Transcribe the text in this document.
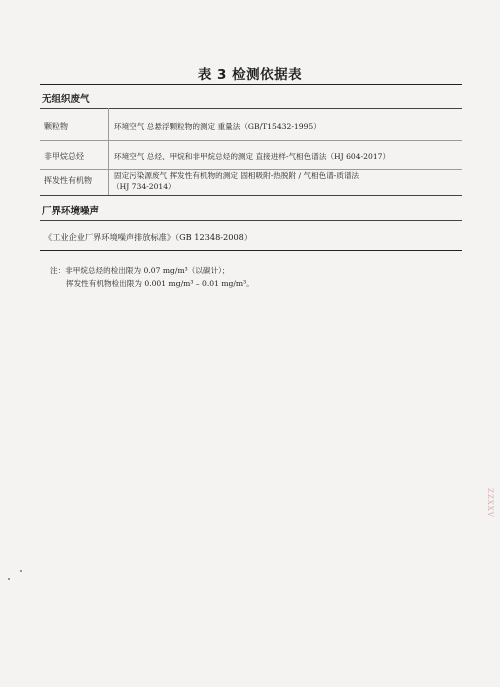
表 3 检测依据表
无组织废气
颗粒物	环境空气 总悬浮颗粒物的测定 重量法（GB/T15432-1995）
非甲烷总烃	环境空气 总烃、甲烷和非甲烷总烃的测定 直接进样-气相色谱法（HJ 604-2017）
挥发性有机物
固定污染源废气 挥发性有机物的测定 固相吸附-热脱附 / 气相色谱-质谱法
（HJ 734-2014）
厂界环境噪声
《工业企业厂界环境噪声排放标准》（GB 12348-2008）
注：非甲烷总烃的检出限为 0.07 mg/m³（以碳计）；
挥发性有机物检出限为 0.001 mg/m³ – 0.01 mg/m³。
ZZXXV
